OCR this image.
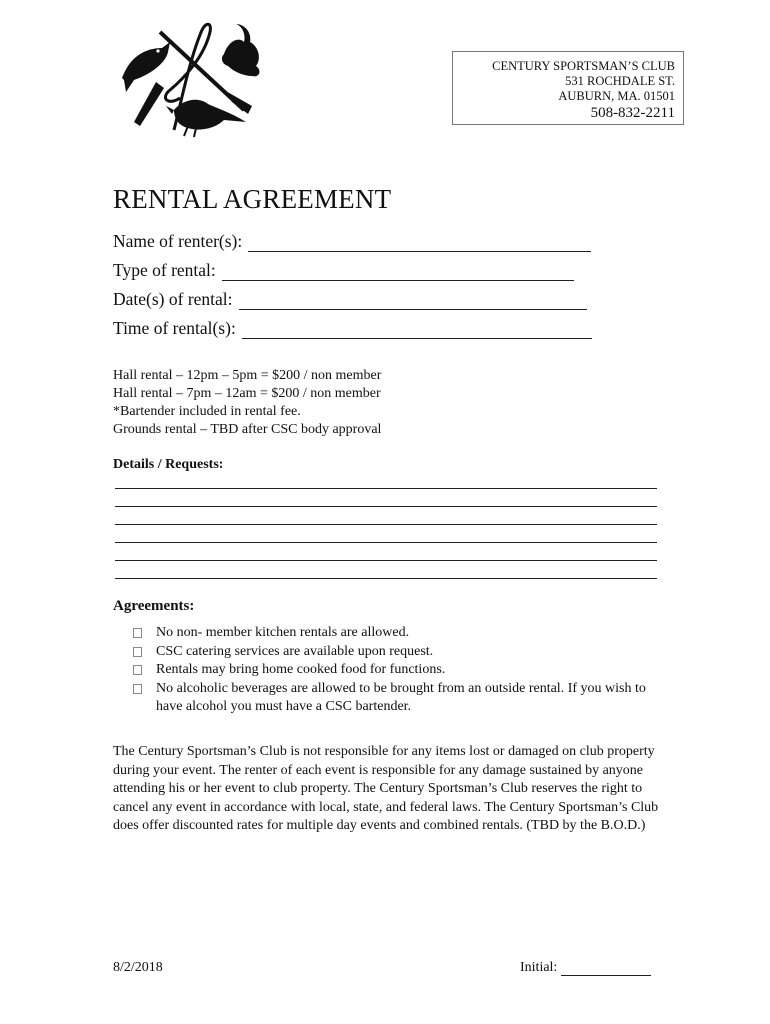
CENTURY SPORTSMAN’S CLUB
531 ROCHDALE ST.
AUBURN, MA. 01501
508-832-2211
RENTAL AGREEMENT
Name of renter(s):
Type of rental:
Date(s) of rental:
Time of rental(s):
Hall rental – 12pm – 5pm = $200 / non member
Hall rental – 7pm – 12am = $200 / non member
*Bartender included in rental fee.
Grounds rental – TBD after CSC body approval
Details / Requests:
Agreements:
No non- member kitchen rentals are allowed.
CSC catering services are available upon request.
Rentals may bring home cooked food for functions.
No alcoholic beverages are allowed to be brought from an outside rental. If you wish to have alcohol you must have a CSC bartender.

The Century Sportsman’s Club is not responsible for any items lost or damaged on club property during your event. The renter of each event is responsible for any damage sustained by anyone attending his or her event to club property. The Century Sportsman’s Club reserves the right to cancel any event in accordance with local, state, and federal laws. The Century Sportsman’s Club does offer discounted rates for multiple day events and combined rentals. (TBD by the B.O.D.)

8/2/2018	Initial:
